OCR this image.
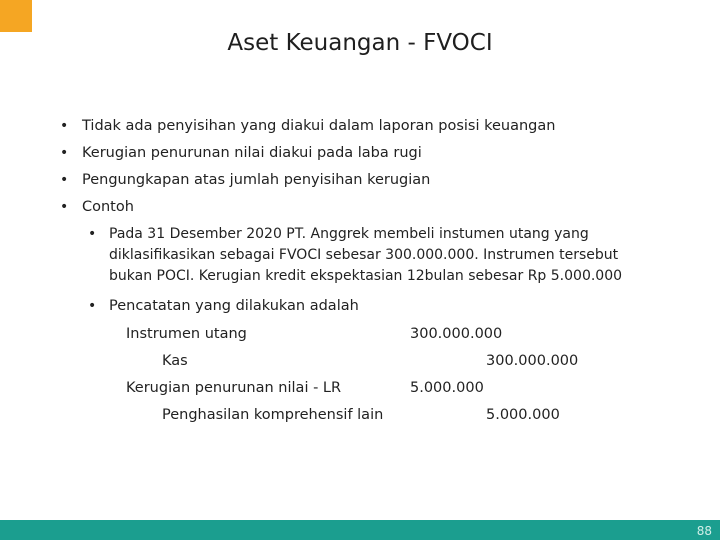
Aset Keuangan - FVOCI
• Tidak ada penyisihan yang diakui dalam laporan posisi keuangan
• Kerugian penurunan nilai diakui pada laba rugi
• Pengungkapan atas jumlah penyisihan kerugian
• Contoh
• Pada 31 Desember 2020 PT. Anggrek membeli instumen utang yang diklasifikasikan sebagai FVOCI sebesar 300.000.000. Instrumen tersebut bukan POCI. Kerugian kredit ekspektasian 12bulan sebesar Rp 5.000.000
• Pencatatan yang dilakukan adalah
Instrumen utang	300.000.000
Kas	300.000.000
Kerugian penurunan nilai - LR	5.000.000
Penghasilan komprehensif lain	5.000.000
88
